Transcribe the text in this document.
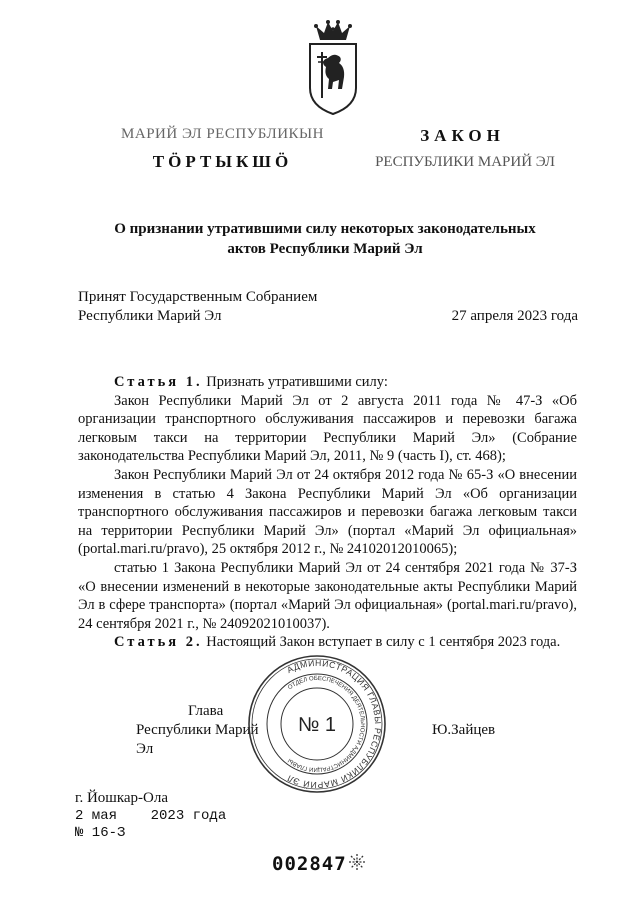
МАРИЙ ЭЛ РЕСПУБЛИКЫН
ТӦРТЫКШӦ
ЗАКОН
РЕСПУБЛИКИ МАРИЙ ЭЛ
О признании утратившими силу некоторых законодательных
актов Республики Марий Эл
Принят Государственным Собранием
Республики Марий Эл	27 апреля 2023 года

Статья 1. Признать утратившими силу:

Закон Республики Марий Эл от 2 августа 2011 года № 47-З «Об организации транспортного обслуживания пассажиров и перевозки багажа легковым такси на территории Республики Марий Эл» (Собрание законодательства Республики Марий Эл, 2011, № 9 (часть I), ст. 468);

Закон Республики Марий Эл от 24 октября 2012 года № 65-З «О внесении изменения в статью 4 Закона Республики Марий Эл «Об организации транспортного обслуживания пассажиров и перевозки багажа легковым такси на территории Республики Марий Эл» (портал «Марий Эл официальная» (portal.mari.ru/pravo), 25 октября 2012 г., № 24102012010065);

статью 1 Закона Республики Марий Эл от 24 сентября 2021 года № 37-З «О внесении изменений в некоторые законодательные акты Республики Марий Эл в сфере транспорта» (портал «Марий Эл официальная» (portal.mari.ru/pravo), 24 сентября 2021 г., № 24092021010037).

Статья 2. Настоящий Закон вступает в силу с 1 сентября 2023 года.

Глава
Республики Марий Эл
Ю.Зайцев
АДМИНИСТРАЦИЯ ГЛАВЫ РЕСПУБЛИКИ МАРИЙ ЭЛ
ОТДЕЛ ОБЕСПЕЧЕНИЯ ДЕЯТЕЛЬНОСТИ АДМИНИСТРАЦИИ ГЛАВЫ
№ 1
г. Йошкар-Ола
2 мая    2023 года
№ 16-З
002847
